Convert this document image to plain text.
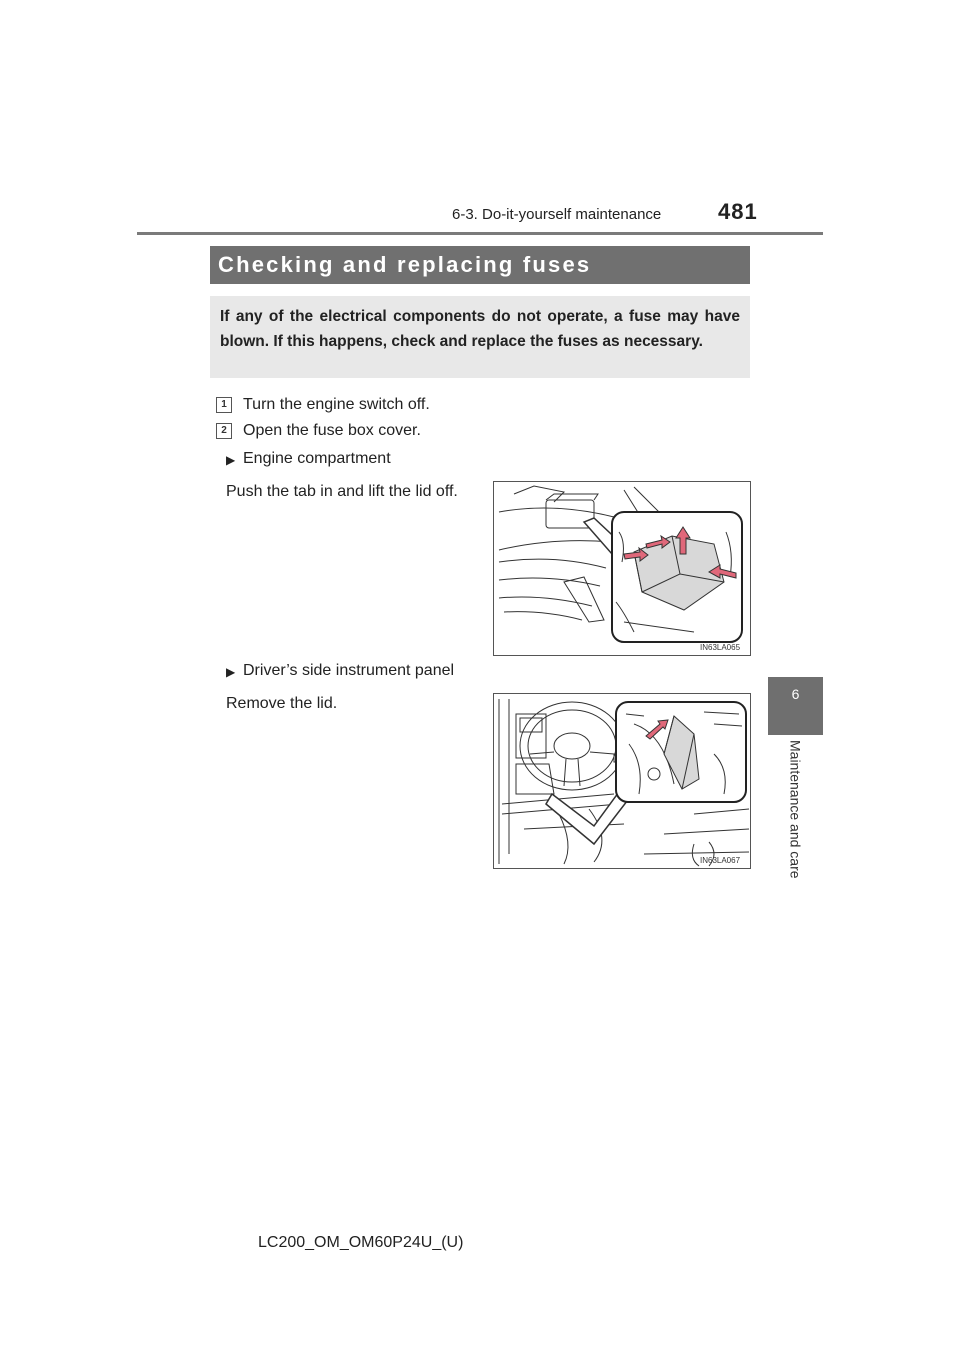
6-3. Do-it-yourself maintenance	481
6
Maintenance and care
Checking and replacing fuses
If any of the electrical components do not operate, a fuse may have blown. If this happens, check and replace the fuses as necessary.
1	Turn the engine switch off.
2	Open the fuse box cover.
▶ Engine compartment
Push the tab in and lift the lid off.
IN63LA065
▶ Driver’s side instrument panel
Remove the lid.
IN63LA067
LC200_OM_OM60P24U_(U)
